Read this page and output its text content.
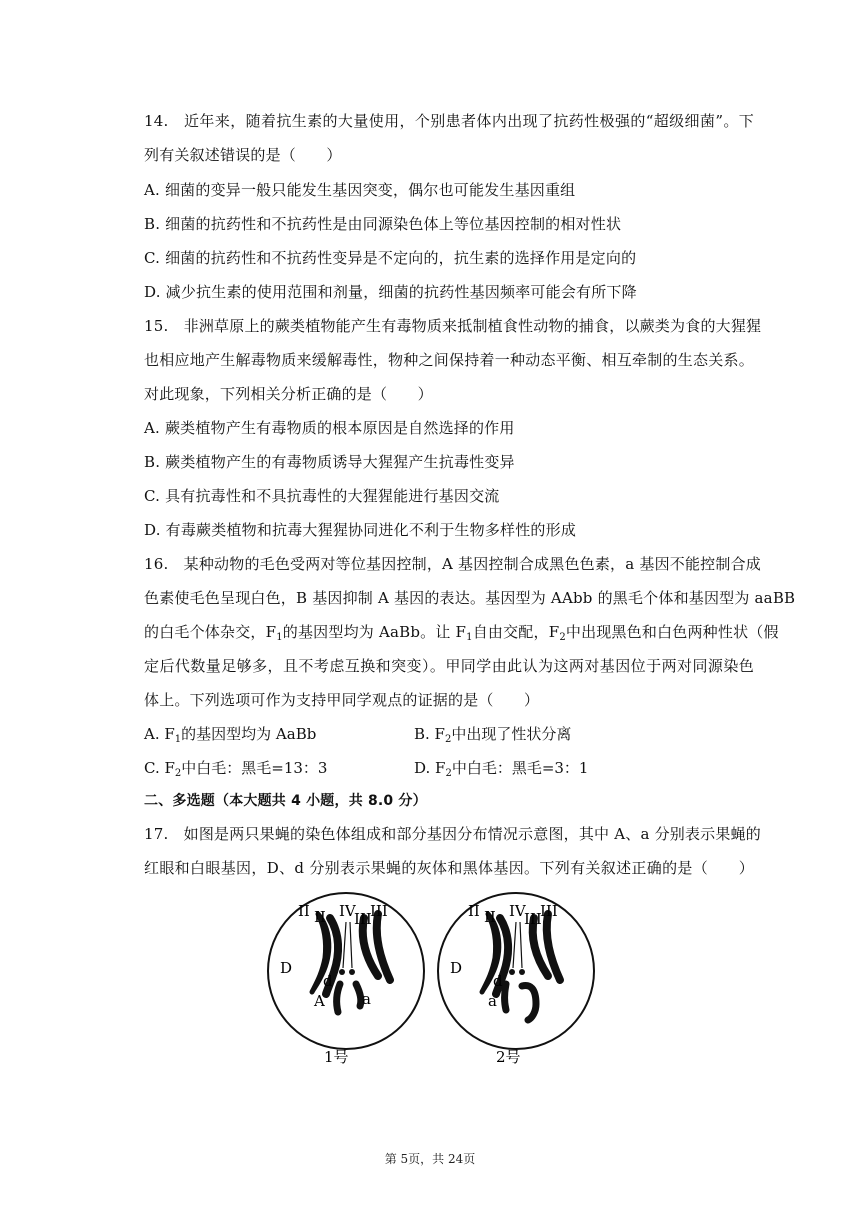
14.　近年来，随着抗生素的大量使用，个别患者体内出现了抗药性极强的“超级细菌”。下
列有关叙述错误的是（　　）
A. 细菌的变异一般只能发生基因突变，偶尔也可能发生基因重组
B. 细菌的抗药性和不抗药性是由同源染色体上等位基因控制的相对性状
C. 细菌的抗药性和不抗药性变异是不定向的，抗生素的选择作用是定向的
D. 减少抗生素的使用范围和剂量，细菌的抗药性基因频率可能会有所下降
15.　非洲草原上的蕨类植物能产生有毒物质来抵制植食性动物的捕食，以蕨类为食的大猩猩
也相应地产生解毒物质来缓解毒性，物种之间保持着一种动态平衡、相互牵制的生态关系。
对此现象，下列相关分析正确的是（　　）
A. 蕨类植物产生有毒物质的根本原因是自然选择的作用
B. 蕨类植物产生的有毒物质诱导大猩猩产生抗毒性变异
C. 具有抗毒性和不具抗毒性的大猩猩能进行基因交流
D. 有毒蕨类植物和抗毒大猩猩协同进化不利于生物多样性的形成
16.　某种动物的毛色受两对等位基因控制，A 基因控制合成黑色色素，a 基因不能控制合成
色素使毛色呈现白色，B 基因抑制 A 基因的表达。基因型为 AAbb 的黑毛个体和基因型为 aaBB
的白毛个体杂交，$F_1$的基因型均为 AaBb。让 $F_1$自由交配，$F_2$中出现黑色和白色两种性状（假
定后代数量足够多，且不考虑互换和突变）。甲同学由此认为这两对基因位于两对同源染色
体上。下列选项可作为支持甲同学观点的证据的是（　　）
A. $F_1$的基因型均为 AaBb	B. $F_2$中出现了性状分离
C. $F_2$中白毛：黑毛=13：3	D. $F_2$中白毛：黑毛=3：1
二、多选题（本大题共 4 小题，共 8.0 分）
17.　如图是两只果蝇的染色体组成和部分基因分布情况示意图，其中 A、a 分别表示果蝇的
红眼和白眼基因，D、d 分别表示果蝇的灰体和黑体基因。下列有关叙述正确的是（　　）
II II IV
III
III
D
d
A a
1号
II II IV
III
III
D
d
a
2号
第 5页，共 24页
